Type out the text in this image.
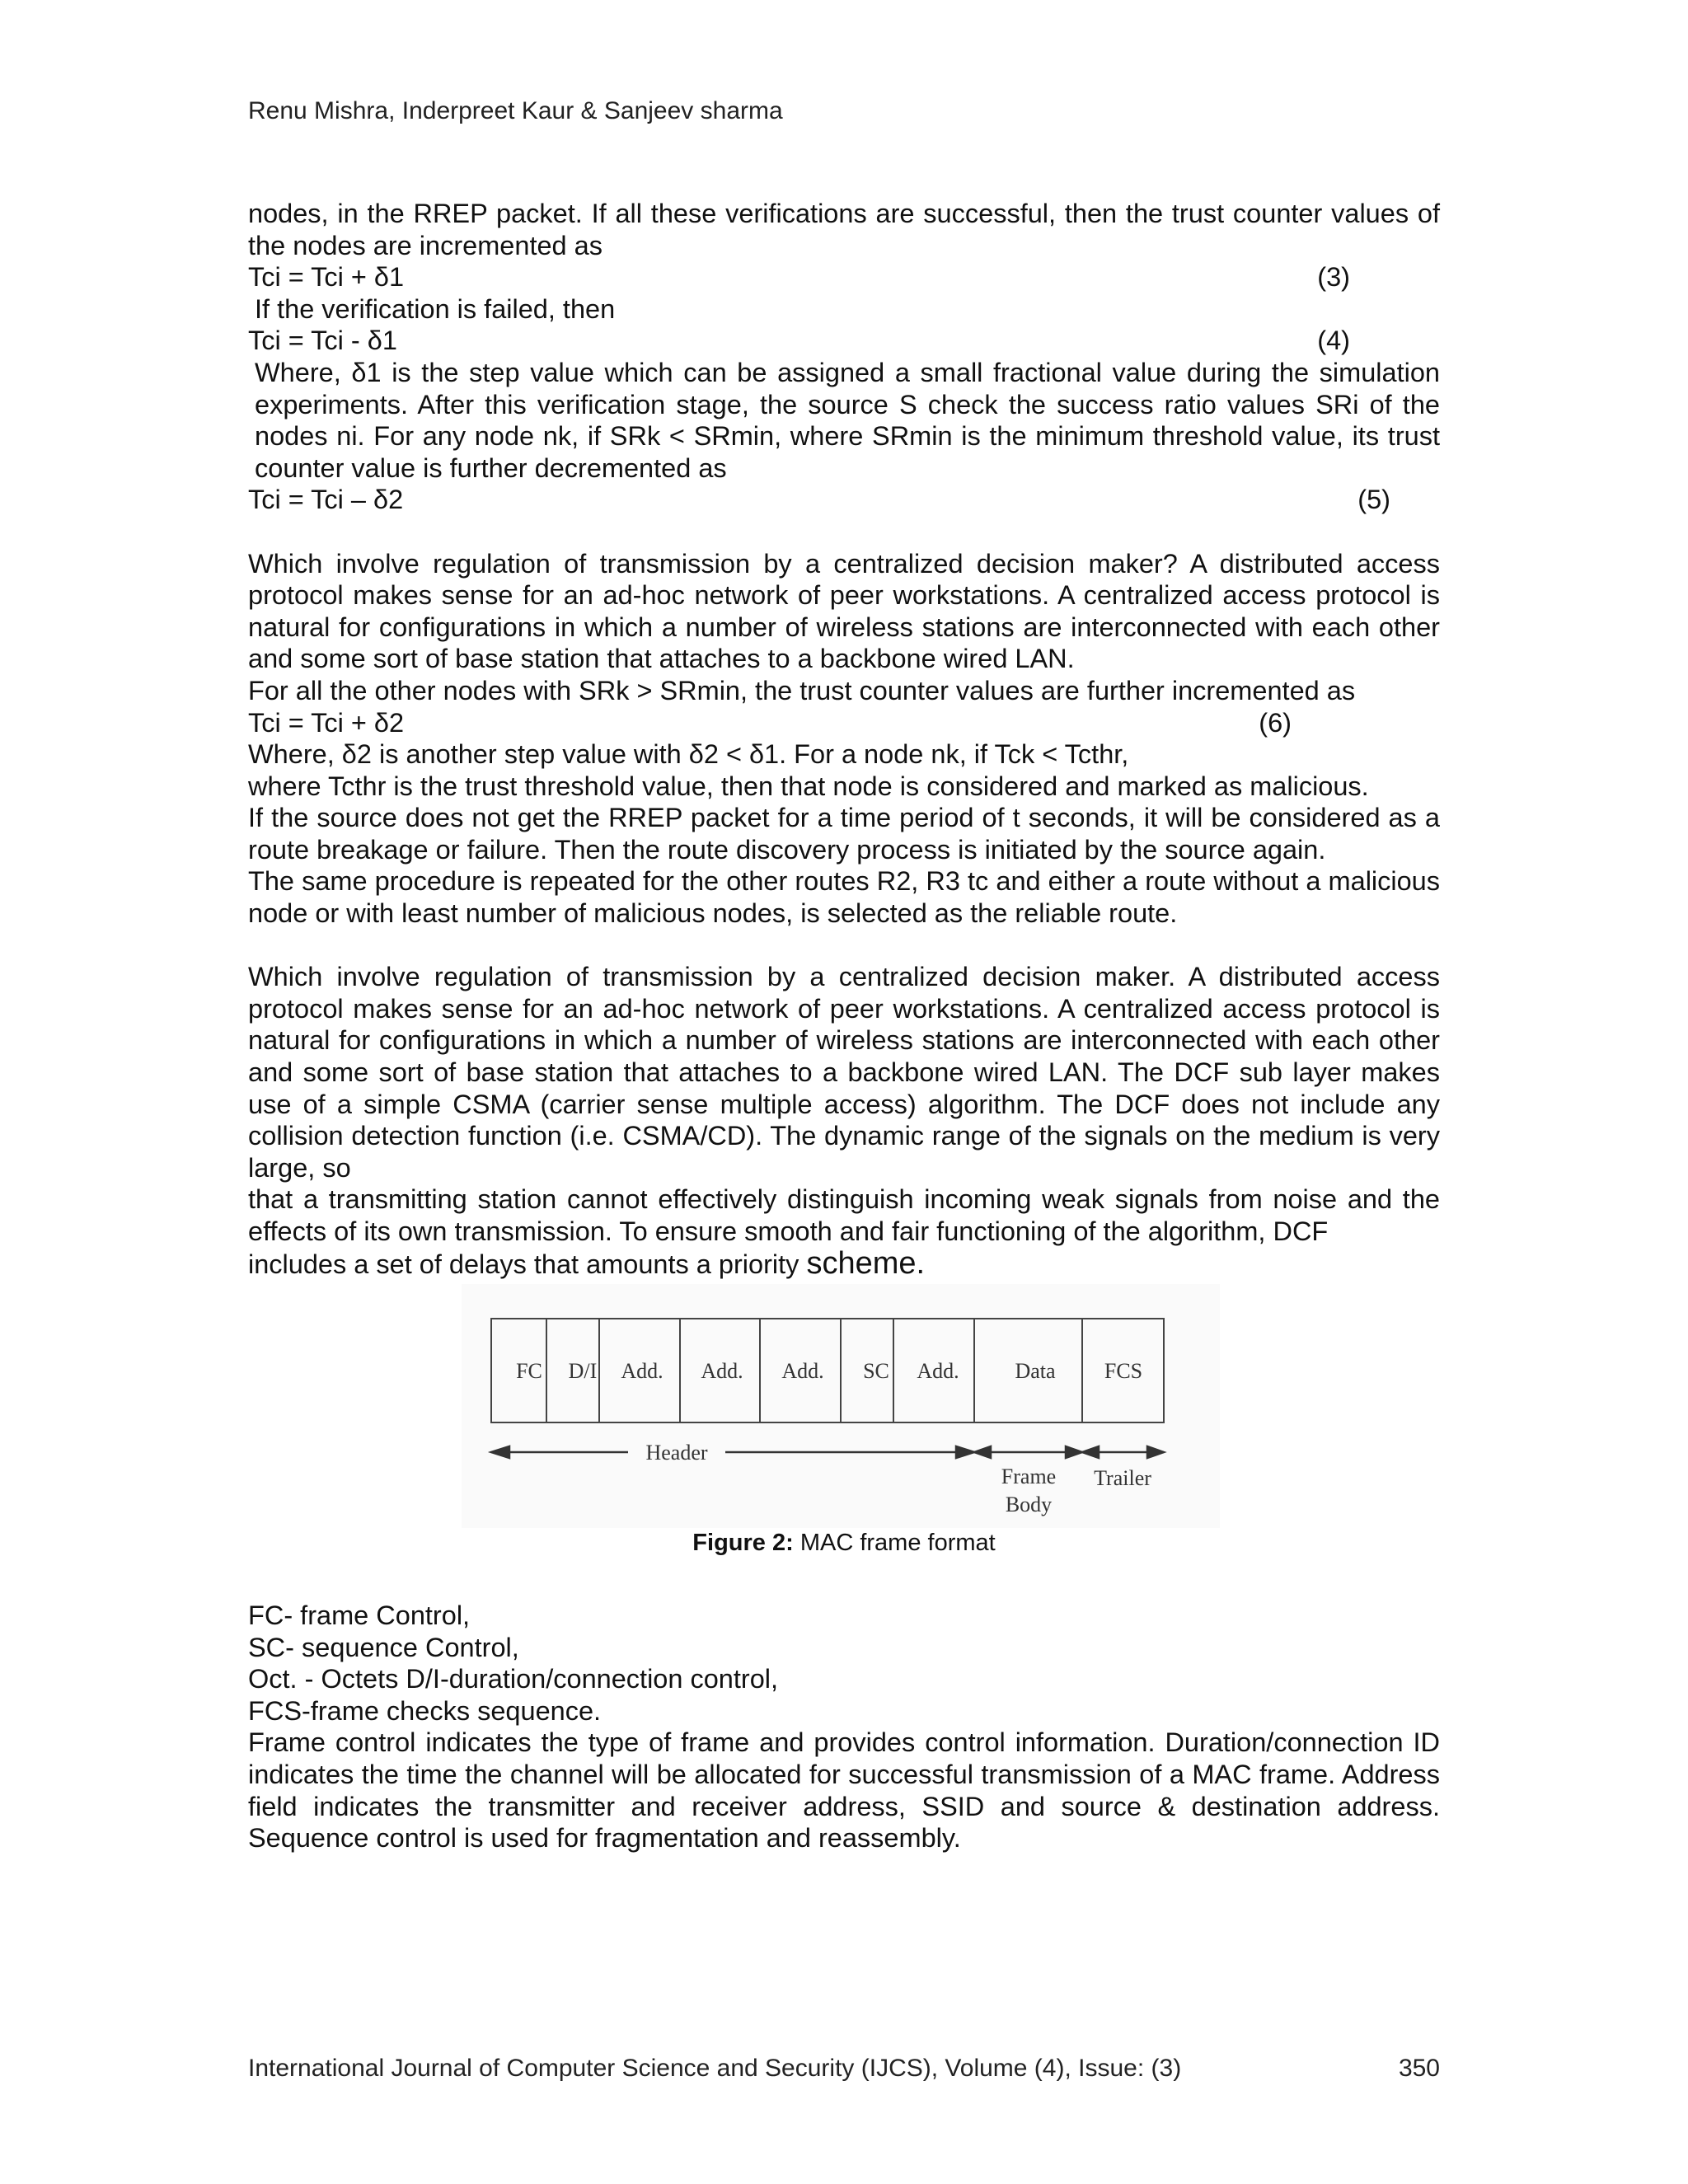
Renu Mishra, Inderpreet Kaur & Sanjeev sharma

nodes, in the RREP packet. If all these verifications are successful, then the trust counter values of the nodes are incremented as

Tci = Tci + δ1	(3)

If the verification is failed, then

Tci = Tci - δ1	(4)

Where, δ1 is the step value which can be assigned a small fractional value during the simulation experiments. After this verification stage, the source S check the success ratio values SRi of the nodes ni. For any node nk, if SRk < SRmin, where SRmin is the minimum threshold value, its trust counter value is further decremented as

Tci = Tci – δ2	(5)

Which involve regulation of transmission by a centralized decision maker? A distributed access protocol makes sense for an ad-hoc network of peer workstations. A centralized access protocol is natural for configurations in which a number of wireless stations are interconnected with each other and some sort of base station that attaches to a backbone wired LAN.

For all the other nodes with SRk > SRmin, the trust counter values are further incremented as

Tci = Tci + δ2	(6)

Where, δ2 is another step value with δ2 < δ1. For a node nk, if Tck < Tcthr,

where Tcthr is the trust threshold value, then that node is considered and marked as malicious.

If the source does not get the RREP packet for a time period of t seconds, it will be considered as a route breakage or failure. Then the route discovery process is initiated by the source again.

The same procedure is repeated for the other routes R2, R3 tc and either a route without a malicious node or with least number of malicious nodes, is selected as the reliable route.

Which involve regulation of transmission by a centralized decision maker. A distributed access protocol makes sense for an ad-hoc network of peer workstations. A centralized access protocol is natural for configurations in which a number of wireless stations are interconnected with each other and some sort of base station that attaches to a backbone wired LAN. The DCF sub layer makes use of a simple CSMA (carrier sense multiple access) algorithm. The DCF does not include any collision detection function (i.e. CSMA/CD). The dynamic range of the signals on the medium is very large, so

that a transmitting station cannot effectively distinguish incoming weak signals from noise and the effects of its own transmission. To ensure smooth and fair functioning of the algorithm, DCF

includes a set of delays that amounts a priority scheme.

FC D/I Add. Add. Add. SC Add.	Data FCS
Header
Frame
Body
Trailer
Figure 2: MAC frame format

FC- frame Control,

SC- sequence Control,

Oct. - Octets D/I-duration/connection control,

FCS-frame checks sequence.

Frame control indicates the type of frame and provides control information. Duration/connection ID indicates the time the channel will be allocated for successful transmission of a MAC frame. Address field indicates the transmitter and receiver address, SSID and source & destination address. Sequence control is used for fragmentation and reassembly.

International Journal of Computer Science and Security (IJCS), Volume (4), Issue: (3)	350
